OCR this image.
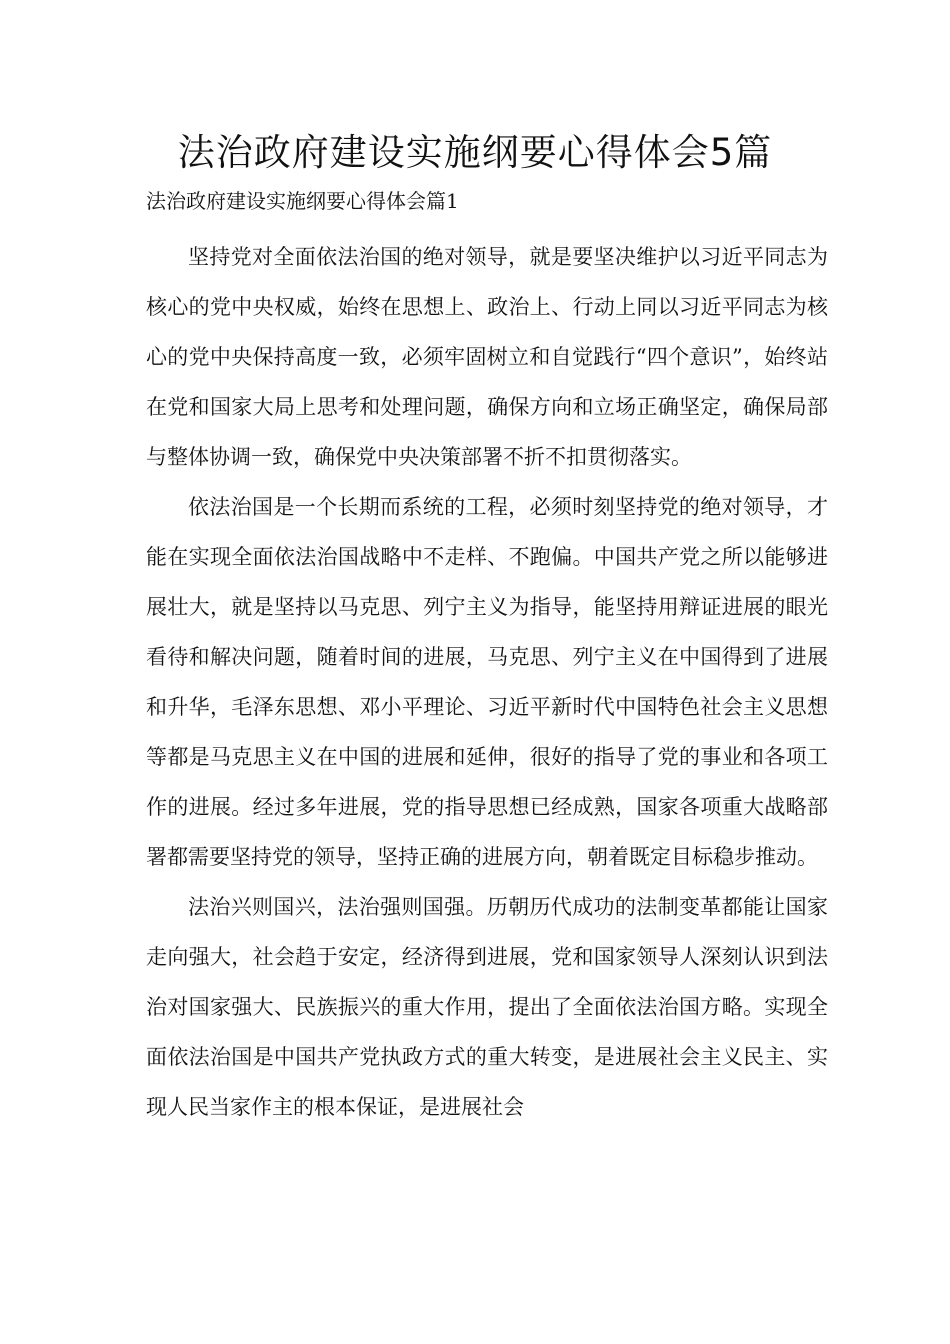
法治政府建设实施纲要心得体会5篇
法治政府建设实施纲要心得体会篇1

坚持党对全面依法治国的绝对领导，就是要坚决维护以习近平同志为核心的党中央权威，始终在思想上、政治上、行动上同以习近平同志为核心的党中央保持高度一致，必须牢固树立和自觉践行“四个意识”，始终站在党和国家大局上思考和处理问题，确保方向和立场正确坚定，确保局部与整体协调一致，确保党中央决策部署不折不扣贯彻落实。

依法治国是一个长期而系统的工程，必须时刻坚持党的绝对领导，才能在实现全面依法治国战略中不走样、不跑偏。中国共产党之所以能够进展壮大，就是坚持以马克思、列宁主义为指导，能坚持用辩证进展的眼光看待和解决问题，随着时间的进展，马克思、列宁主义在中国得到了进展和升华，毛泽东思想、邓小平理论、习近平新时代中国特色社会主义思想等都是马克思主义在中国的进展和延伸，很好的指导了党的事业和各项工作的进展。经过多年进展，党的指导思想已经成熟，国家各项重大战略部署都需要坚持党的领导，坚持正确的进展方向，朝着既定目标稳步推动。

法治兴则国兴，法治强则国强。历朝历代成功的法制变革都能让国家走向强大，社会趋于安定，经济得到进展，党和国家领导人深刻认识到法治对国家强大、民族振兴的重大作用，提出了全面依法治国方略。实现全面依法治国是中国共产党执政方式的重大转变，是进展社会主义民主、实现人民当家作主的根本保证，是进展社会
